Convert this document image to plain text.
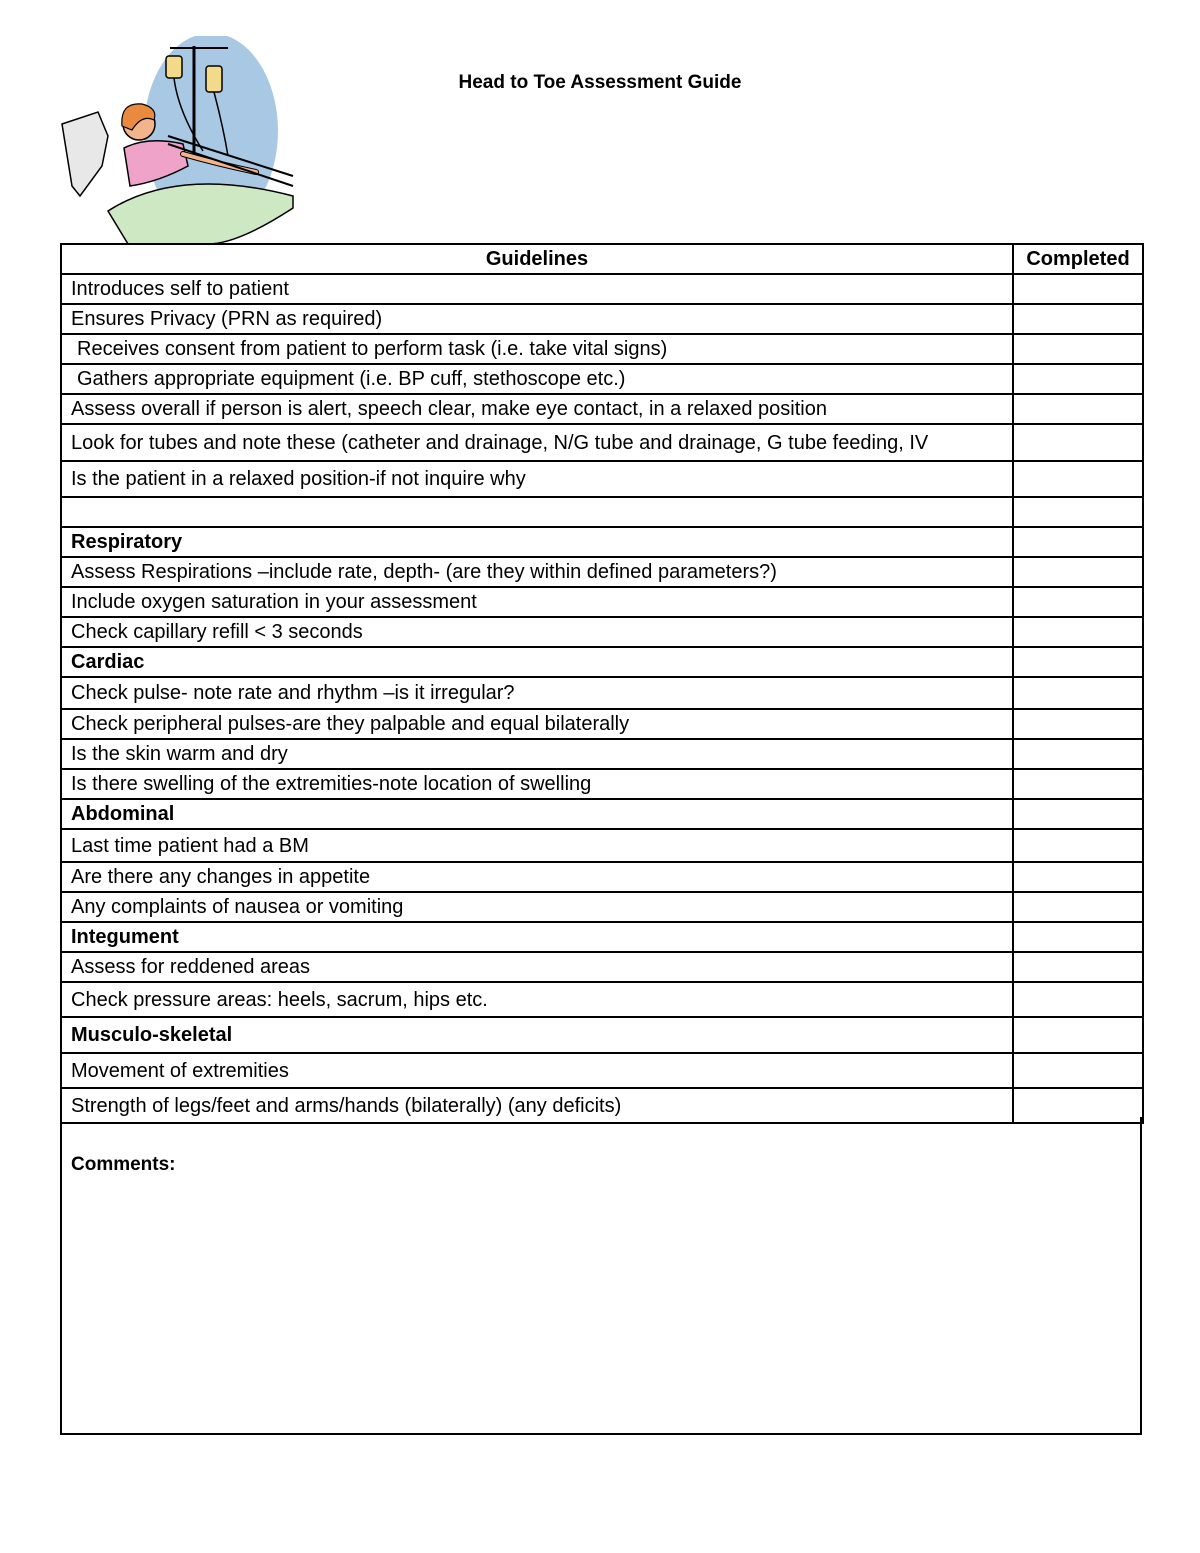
Head to Toe Assessment Guide
Guidelines	Completed
Introduces self to patient	
Ensures Privacy (PRN as required)	
Receives consent from patient to perform task (i.e. take vital signs)	
Gathers appropriate equipment (i.e. BP cuff, stethoscope etc.)	
Assess overall if person is alert, speech clear, make eye contact, in a relaxed position	
Look for tubes and note these (catheter and drainage, N/G tube and drainage, G tube feeding, IV	
Is the patient in a relaxed position-if not inquire why	

Respiratory	
Assess Respirations –include rate, depth- (are they within defined parameters?)	
Include oxygen saturation in your assessment	
Check capillary refill < 3 seconds	
Cardiac	
Check pulse- note rate and rhythm –is it irregular?	
Check peripheral pulses-are they palpable and equal bilaterally	
Is the skin warm and dry	
Is there swelling of the extremities-note location of swelling	
Abdominal	
Last time patient had a BM	
Are there any changes in appetite	
Any complaints of nausea or vomiting	
Integument	
Assess for reddened areas	
Check pressure areas: heels, sacrum, hips etc.	
Musculo-skeletal	
Movement of extremities	
Strength of legs/feet and arms/hands (bilaterally) (any deficits)	
Comments:
